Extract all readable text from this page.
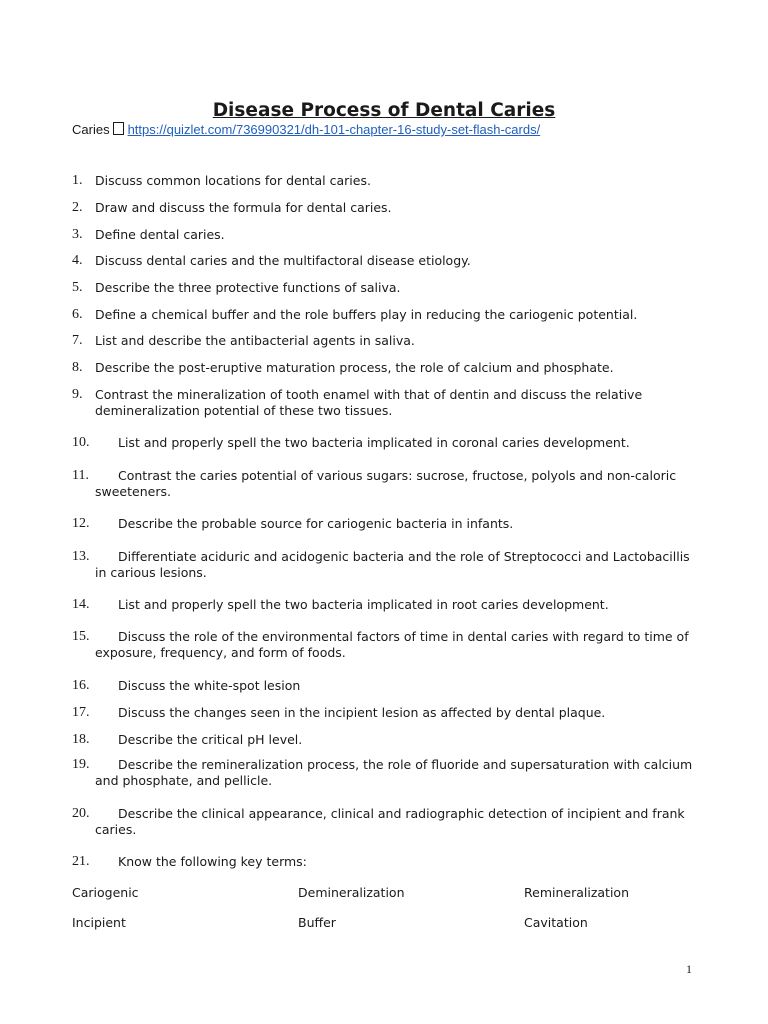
Disease Process of Dental Caries
Caries https://quizlet.com/736990321/dh-101-chapter-16-study-set-flash-cards/
1. Discuss common locations for dental caries.
2. Draw and discuss the formula for dental caries.
3. Define dental caries.
4. Discuss dental caries and the multifactoral disease etiology.
5. Describe the three protective functions of saliva.
6. Define a chemical buffer and the role buffers play in reducing the cariogenic potential.
7. List and describe the antibacterial agents in saliva.
8. Describe the post-eruptive maturation process, the role of calcium and phosphate.
9. Contrast the mineralization of tooth enamel with that of dentin and discuss the relative demineralization potential of these two tissues.
10.	List and properly spell the two bacteria implicated in coronal caries development.
11.	Contrast the caries potential of various sugars: sucrose, fructose, polyols and non-caloric sweeteners.
12.	Describe the probable source for cariogenic bacteria in infants.
13.	Differentiate aciduric and acidogenic bacteria and the role of Streptococci and Lactobacillis in carious lesions.
14.	List and properly spell the two bacteria implicated in root caries development.
15.	Discuss the role of the environmental factors of time in dental caries with regard to time of exposure, frequency, and form of foods.
16.	Discuss the white-spot lesion
17.	Discuss the changes seen in the incipient lesion as affected by dental plaque.
18.	Describe the critical pH level.
19.	Describe the remineralization process, the role of fluoride and supersaturation with calcium and phosphate, and pellicle.
20.	Describe the clinical appearance, clinical and radiographic detection of incipient and frank caries.
21.	Know the following key terms:
Cariogenic	Demineralization	Remineralization
Incipient	Buffer	Cavitation
1
